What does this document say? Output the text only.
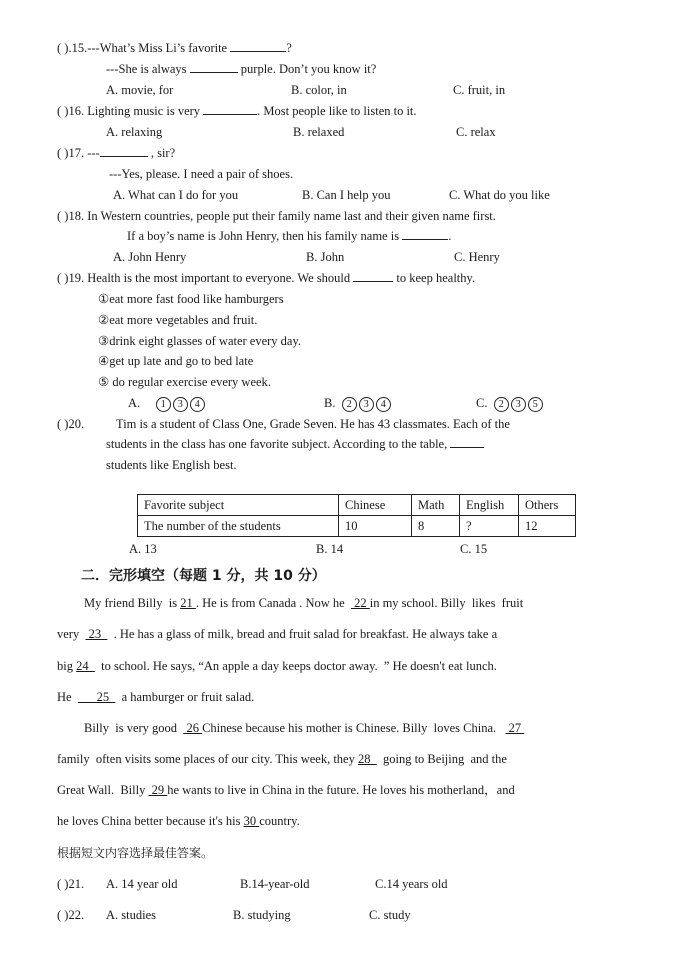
( ).15.---What’s Miss Li’s favorite	?
---She is always	purple. Don’t you know it?
A. movie, for	B. color, in	C. fruit, in
( )16. Lighting music is very	. Most people like to listen to it.
A. relaxing	B. relaxed	C. relax
( )17. ---	, sir?
---Yes, please. I need a pair of shoes.
A. What can I do for you	B. Can I help you	C. What do you like
( )18. In Western countries, people put their family name last and their given name first.
If a boy’s name is John Henry, then his family name is	.
A. John Henry	B. John	C. Henry
( )19. Health is the most important to everyone. We should	to keep healthy.
①eat more fast food like hamburgers
②eat more vegetables and fruit.
③drink eight glasses of water every day.
④get up late and go to bed late
⑤ do regular exercise every week.
A. 1 3 4	B. 2 3 4	C. 2 3 5
( )20.	Tim is a student of Class One, Grade Seven. He has 43 classmates. Each of the
students in the class has one favorite subject. According to the table,
students like English best.
Favorite subject	Chinese	Math	English	Others
The number of the students	10	8	?	12
A. 13	B. 14	C. 15
二．完形填空（每题 1 分，共 10 分）
My friend Billy  is 21 . He is from Canada . Now he   22 in my school. Billy  likes  fruit
very   23    . He has a glass of milk, bread and fruit salad for breakfast. He always take a
big 24    to school. He says, “An apple a day keeps doctor away.  ” He doesn't eat lunch.
He        25    a hamburger or fruit salad.
Billy  is very good   26 Chinese because his mother is Chinese. Billy  loves China.    27
family  often visits some places of our city. This week, they 28    going to Beijing  and the
Great Wall.  Billy  29 he wants to live in China in the future. He loves his motherland，and
he loves China better because it's his 30 country.
根据短文内容选择最佳答案。
( )21. A. 14 year old	B.14-year-old	C.14 years old
( )22. A. studies	B. studying	C. study
